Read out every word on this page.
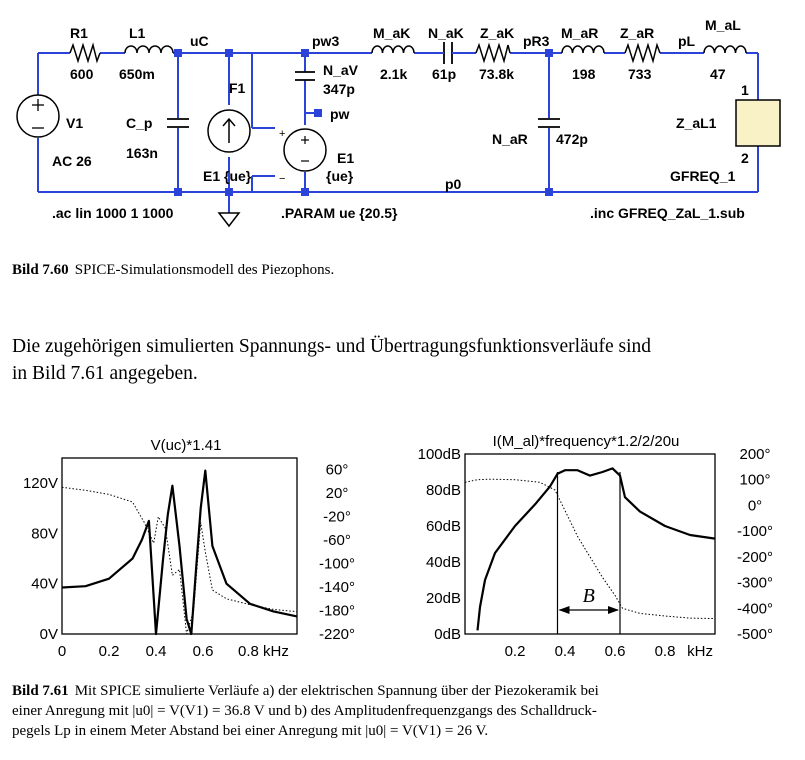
+
−
R1
600
L1
650m
V1
AC 26
uC
C_p
163n
F1
E1 {ue}
pw3
N_aV
347p
pw
E1
{ue}
M_aK
2.1k
N_aK
61p
Z_aK
73.8k
pR3
N_aR 472p
M_aR
198
Z_aR
733
pL
M_aL
47
1
Z_aL1
2
GFREQ_1
p0
.ac lin 1000 1 1000	.PARAM ue {20.5}	.inc GFREQ_ZaL_1.sub
Bild 7.60 SPICE-Simulationsmodell des Piezophons.
Die zugehörigen simulierten Spannungs- und Übertragungsfunktionsverläufe sind
in Bild 7.61 angegeben.
V(uc)*1.41
0V
40V
80V
120V
60°
20°
-20°
-60°
-100°
-140°
-180°
-220°
0 0.2 0.4 0.6 0.8 kHz
I(M_al)*frequency*1.2/2/20u
0dB
20dB
40dB
60dB
80dB
100dB	200°
100°
0°
-100°
-200°
-300°
-400°
-500°
0.2 0.4 0.6 0.8 kHz
B
Bild 7.61 Mit SPICE simulierte Verläufe a) der elektrischen Spannung über der Piezokeramik bei
einer Anregung mit |u0| = V(V1) = 36.8 V und b) des Amplitudenfrequenzgangs des Schalldruck-
pegels Lp in einem Meter Abstand bei einer Anregung mit |u0| = V(V1) = 26 V.
